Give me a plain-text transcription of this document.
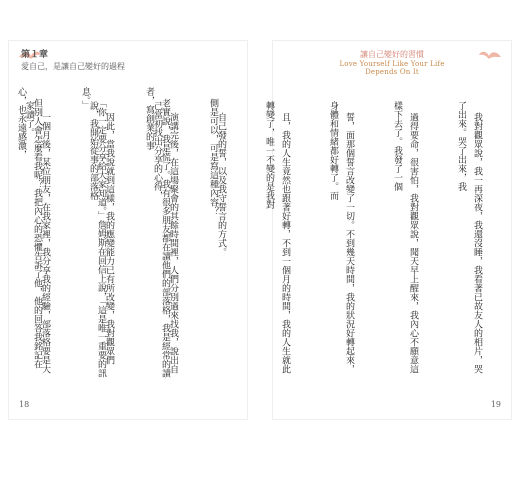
第１章
愛自己，是讓自己變好的過程

側是可以，可是寫這種內容？

老實說，我是慌了。我有很多朋友都在讀他們的部落格，我是經常的讀者，寫創業的事

「你一定要分享給大家知道。」詹姆斯在回信上說，「這是唯一重要的訊息。」

但別人會怎麼看我呢？我把內心的恐懼告訴了他，他的回答我銘記在心，也永遠感激，

18
讓自己變好的習慣
Love Yourself Like Your Life Depends On It

我對觀眾說，我一再深夜，我還沒睡，我看著已故友人的相片，哭了出來。哭了出來，我

過得要命，很害怕，我對觀眾說，聞天早上醒來，我內心不願意這樣下去了。我發了一個

誓，面那個誓言改變了一切。不到幾天時間，我的狀況好轉起來，身體和情緒都好轉了。而

且，我的人生竟然也跟著好轉，不到一個月的時間，我的人生就此轉變了，唯一不變的是我對

自己發的誓，以及我守誓言的方式。

演講完後，在這場聚會的其餘時間裡，人們分別過來找我，說出自己當初找出分享的心得，

因此，當我說就到這樣，我的應變能力已有所改變，我對觀眾們說，我開始從事的部落格

一個月後，某位朋友，在我家裡，我分享我的經驗，部落格要是大家讀了。

19
